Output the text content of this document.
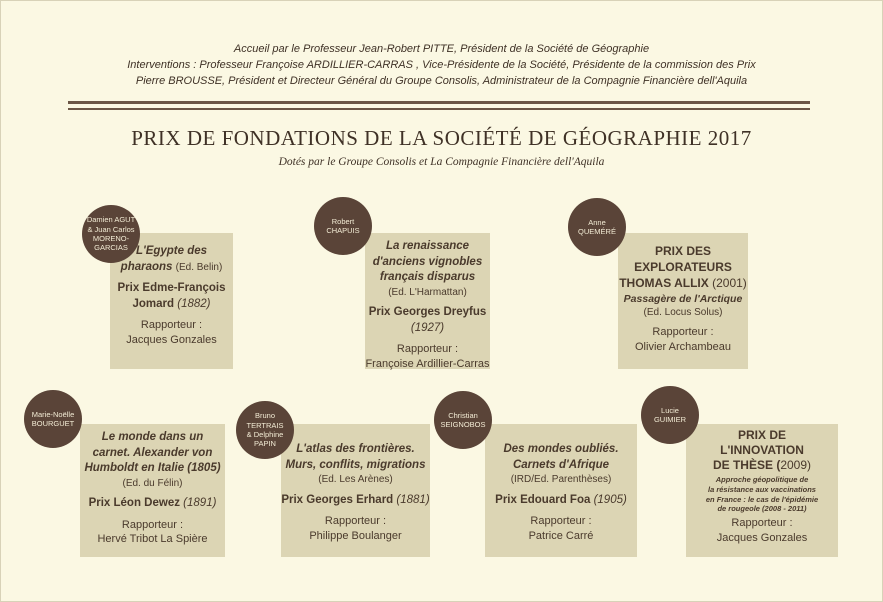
Accueil par le Professeur Jean-Robert PITTE, Président de la Société de Géographie
Interventions : Professeur Françoise ARDILLIER-CARRAS , Vice-Présidente de la Société, Présidente de la commission des Prix
Pierre BROUSSE, Président et Directeur Général du Groupe Consolis, Administrateur de la Compagnie Financière dell'Aquila
PRIX DE FONDATIONS DE LA SOCIÉTÉ DE GÉOGRAPHIE 2017
Dotés par le Groupe Consolis et La Compagnie Financière dell'Aquila
L'Egypte des
pharaons (Ed. Belin)
Prix Edme-François
Jomard (1882)
Rapporteur :
Jacques Gonzales
Damien AGUT
& Juan Carlos
MORENO-GARCIAS	La renaissance
d'anciens vignobles
français disparus
(Ed. L'Harmattan)
Prix Georges Dreyfus (1927)
Rapporteur :
Françoise Ardillier-Carras
Robert
CHAPUIS
PRIX DES
EXPLORATEURS
THOMAS ALLIX (2001)
Passagère de l'Arctique
(Ed. Locus Solus)
Rapporteur :
Olivier Archambeau
Anne
QUEMÉRÉ
Le monde dans un
carnet. Alexander von
Humboldt en Italie (1805)
(Ed. du Félin)
Prix Léon Dewez (1891)
Rapporteur :
Hervé Tribot La Spière
Marie-Noëlle
BOURGUET
L'atlas des frontières.
Murs, conflits, migrations
(Ed. Les Arènes)
Prix Georges Erhard (1881)
Rapporteur :
Philippe Boulanger
Bruno TERTRAIS
& Delphine
PAPIN	Des mondes oubliés.
Carnets d'Afrique
(IRD/Ed. Parenthèses)
Prix Edouard Foa (1905)
Rapporteur :
Patrice Carré
Christian
SEIGNOBOS
PRIX DE
L'INNOVATION
DE THÈSE (2009)
Approche géopolitique de
la résistance aux vaccinations
en France : le cas de l'épidémie
de rougeole (2008 - 2011)
Rapporteur :
Jacques Gonzales
Lucie
GUIMIER
